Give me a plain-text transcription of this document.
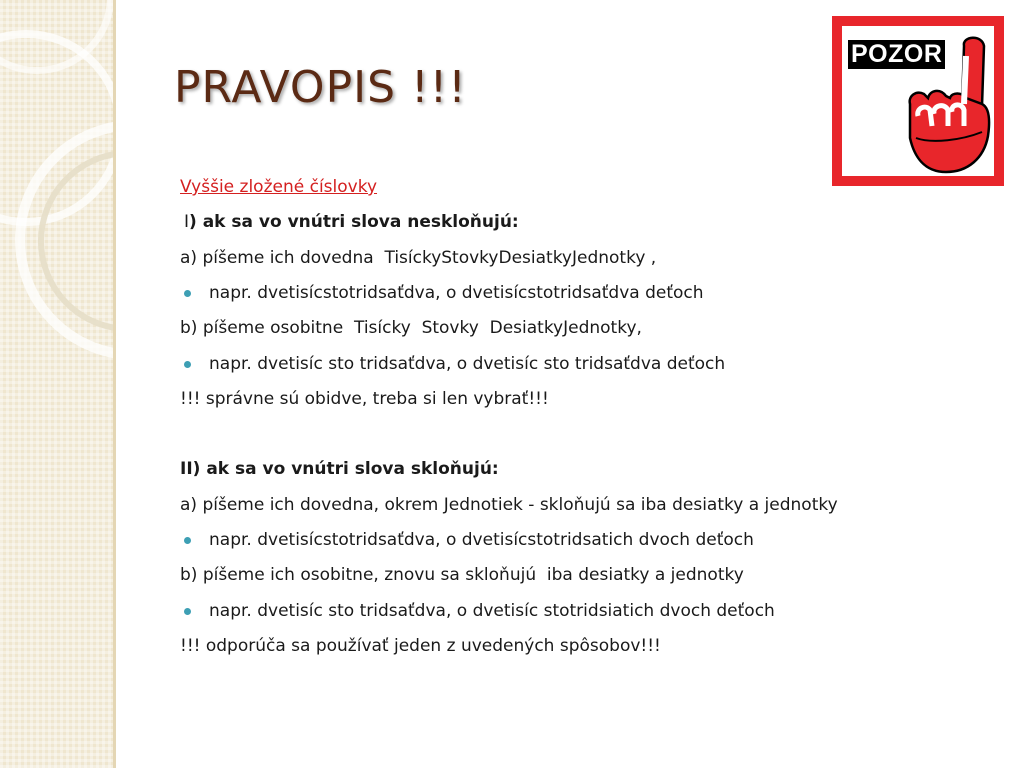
PRAVOPIS !!!
POZOR
Vyššie zložené číslovky
I ) ak sa vo vnútri slova neskloňujú:
a) píšeme ich dovedna  TisíckyStovkyDesiatkyJednotky ,
napr. dvetisícstotridsaťdva, o dvetisícstotridsaťdva deťoch
b) píšeme osobitne  Tisícky  Stovky  DesiatkyJednotky,
napr. dvetisíc sto tridsaťdva, o dvetisíc sto tridsaťdva deťoch
!!! správne sú obidve, treba si len vybrať!!!
II) ak sa vo vnútri slova skloňujú:
a) píšeme ich dovedna, okrem Jednotiek - skloňujú sa iba desiatky a jednotky
napr. dvetisícstotridsaťdva, o dvetisícstotridsatich dvoch deťoch
b) píšeme ich osobitne, znovu sa skloňujú  iba desiatky a jednotky
napr. dvetisíc sto tridsaťdva, o dvetisíc stotridsiatich dvoch deťoch
!!! odporúča sa používať jeden z uvedených spôsobov!!!
